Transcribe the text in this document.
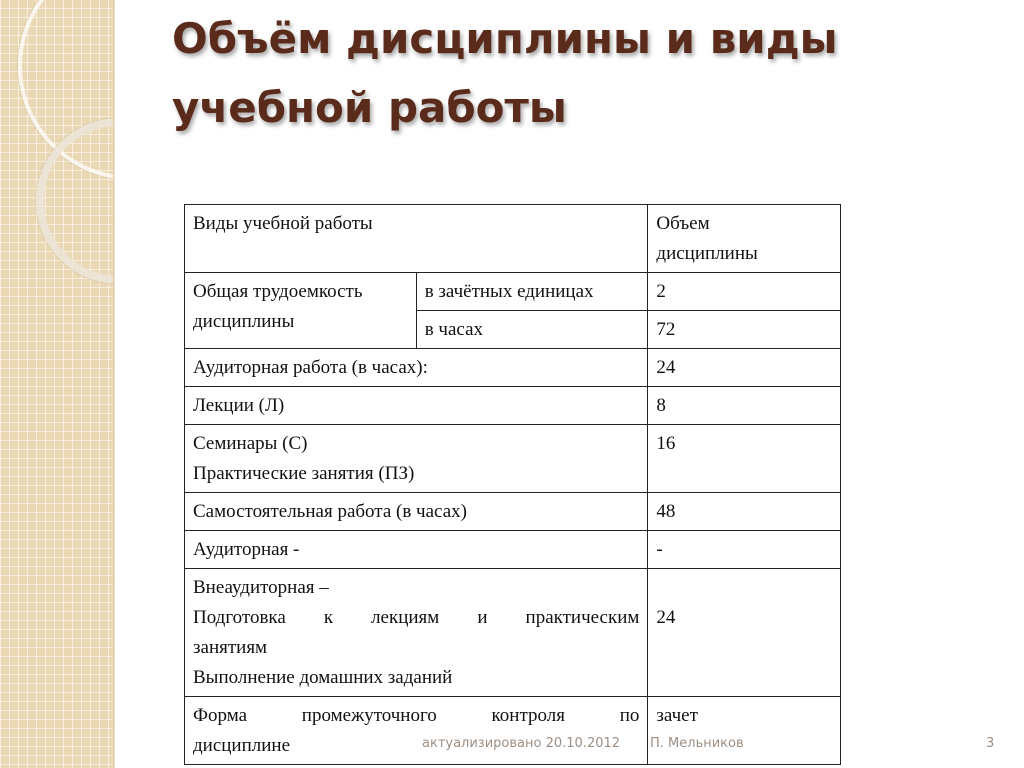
Объём дисциплины и виды
учебной работы
Виды учебной работы		Объем
дисциплины

Общая трудоемкость
дисциплины	в зачётных единицах	2
	в часах	72
Аудиторная работа (в часах):		24
Лекции (Л)		8

Семинары (С)
Практические занятия (ПЗ)		16
Самостоятельная работа (в часах)		48
Аудиторная -		-

Внеаудиторная –
Подготовка к лекциям и практическим
занятиям
Выполнение домашних заданий		24

Форма промежуточного контроля по
дисциплине		зачет
актуализировано 20.10.2012 П. Мельников	3
